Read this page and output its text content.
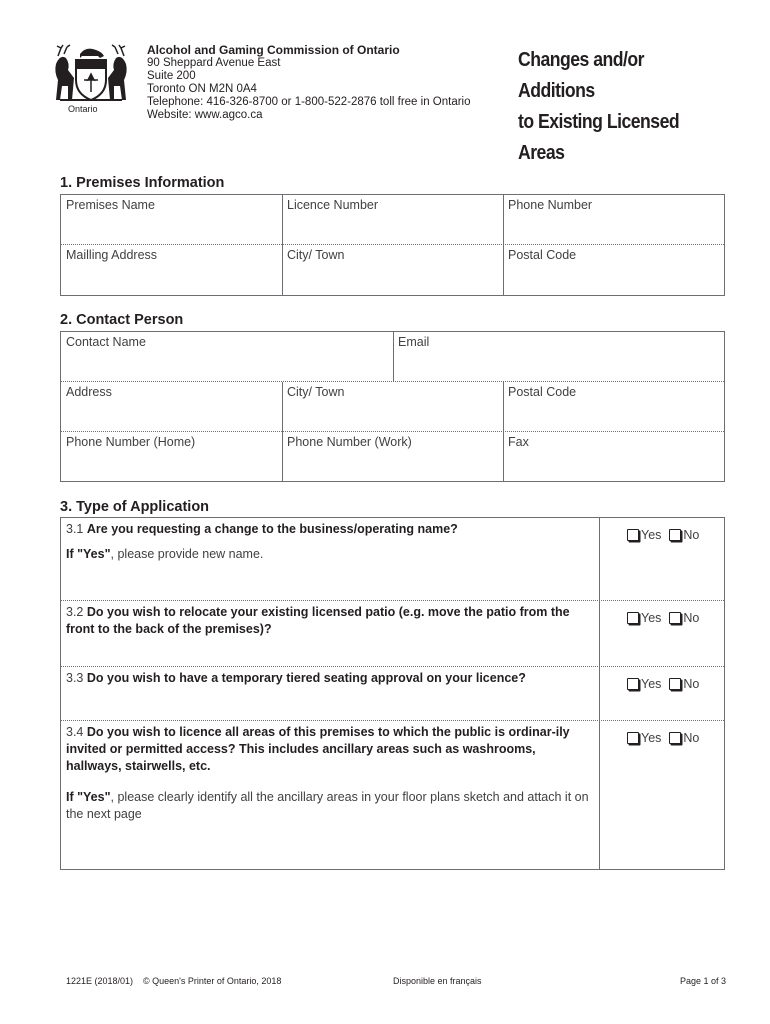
Ontario
Alcohol and Gaming Commission of Ontario
90 Sheppard Avenue East
Suite 200
Toronto ON M2N 0A4
Telephone: 416-326-8700 or 1-800-522-2876 toll free in Ontario
Website: www.agco.ca
Changes and/or Additions
to Existing Licensed Areas
1. Premises Information
Premises Name	Licence Number	Phone Number
Mailling Address	City/ Town	Postal Code
2. Contact Person
Contact Name	Email
Address	City/ Town	Postal Code
Phone Number (Home)	Phone Number (Work)	Fax
3. Type of Application
3.1 Are you requesting a change to the business/operating name?
If "Yes", please provide new name.
Yes No
3.2 Do you wish to relocate your existing licensed patio (e.g. move the patio from the front to the back of the premises)?
Yes No
3.3 Do you wish to have a temporary tiered seating approval on your licence?	Yes No
3.4 Do you wish to licence all areas of this premises to which the public is ordinar-ily invited or permitted access? This includes ancillary areas such as washrooms, hallways, stairwells, etc.
If "Yes", please clearly identify all the ancillary areas in your floor plans sketch and attach it on the next page
Yes No
1221E (2018/01) © Queen's Printer of Ontario, 2018	Disponible en français	Page 1 of 3
